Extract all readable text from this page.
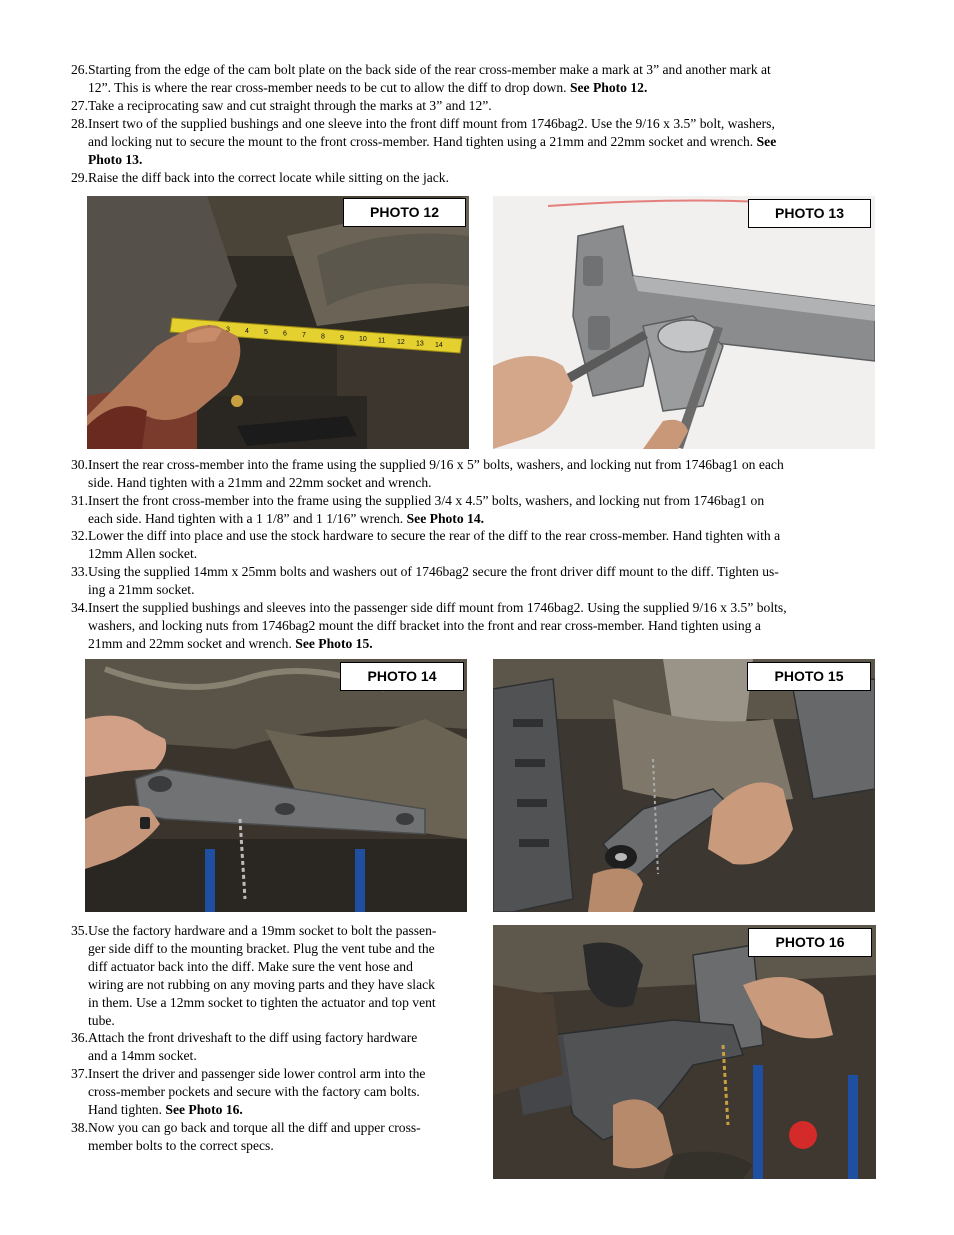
26. Starting from the edge of the cam bolt plate on the back side of the rear cross-member make a mark at 3” and another mark at
12”. This is where the rear cross-member needs to be cut to allow the diff to drop down. See Photo 12.
27. Take a reciprocating saw and cut straight through the marks at 3” and 12”.
28. Insert two of the supplied bushings and one sleeve into the front diff mount from 1746bag2. Use the 9/16 x 3.5” bolt, washers,
and locking nut to secure the mount to the front cross-member. Hand tighten using a 21mm and 22mm socket and wrench. See
Photo 13.
29. Raise the diff back into the correct locate while sitting on the jack.
3 4 5 6 7 8 9 10 11 12 13 14
PHOTO 12	PHOTO 13
30. Insert the rear cross-member into the frame using the supplied 9/16 x 5” bolts, washers, and locking nut from 1746bag1 on each
side. Hand tighten with a 21mm and 22mm socket and wrench.
31. Insert the front cross-member into the frame using the supplied 3/4 x 4.5” bolts, washers, and locking nut from 1746bag1 on
each side. Hand tighten with a 1 1/8” and 1 1/16” wrench. See Photo 14.
32. Lower the diff into place and use the stock hardware to secure the rear of the diff to the rear cross-member. Hand tighten with a
12mm Allen socket.
33. Using the supplied 14mm x 25mm bolts and washers out of 1746bag2 secure the front driver diff mount to the diff. Tighten us-
ing a 21mm socket.
34. Insert the supplied bushings and sleeves into the passenger side diff mount from 1746bag2. Using the supplied 9/16 x 3.5” bolts,
washers, and locking nuts from 1746bag2 mount the diff bracket into the front and rear cross-member. Hand tighten using a
21mm and 22mm socket and wrench. See Photo 15.
PHOTO 14	PHOTO 15
35. Use the factory hardware and a 19mm socket to bolt the passen-
ger side diff to the mounting bracket. Plug the vent tube and the
diff actuator back into the diff. Make sure the vent hose and
wiring are not rubbing on any moving parts and they have slack
in them. Use a 12mm socket to tighten the actuator and top vent
tube.
36. Attach the front driveshaft to the diff using factory hardware
and a 14mm socket.
37. Insert the driver and passenger side lower control arm into the
cross-member pockets and secure with the factory cam bolts.
Hand tighten. See Photo 16.
38. Now you can go back and torque all the diff and upper cross-
member bolts to the correct specs.
PHOTO 16
